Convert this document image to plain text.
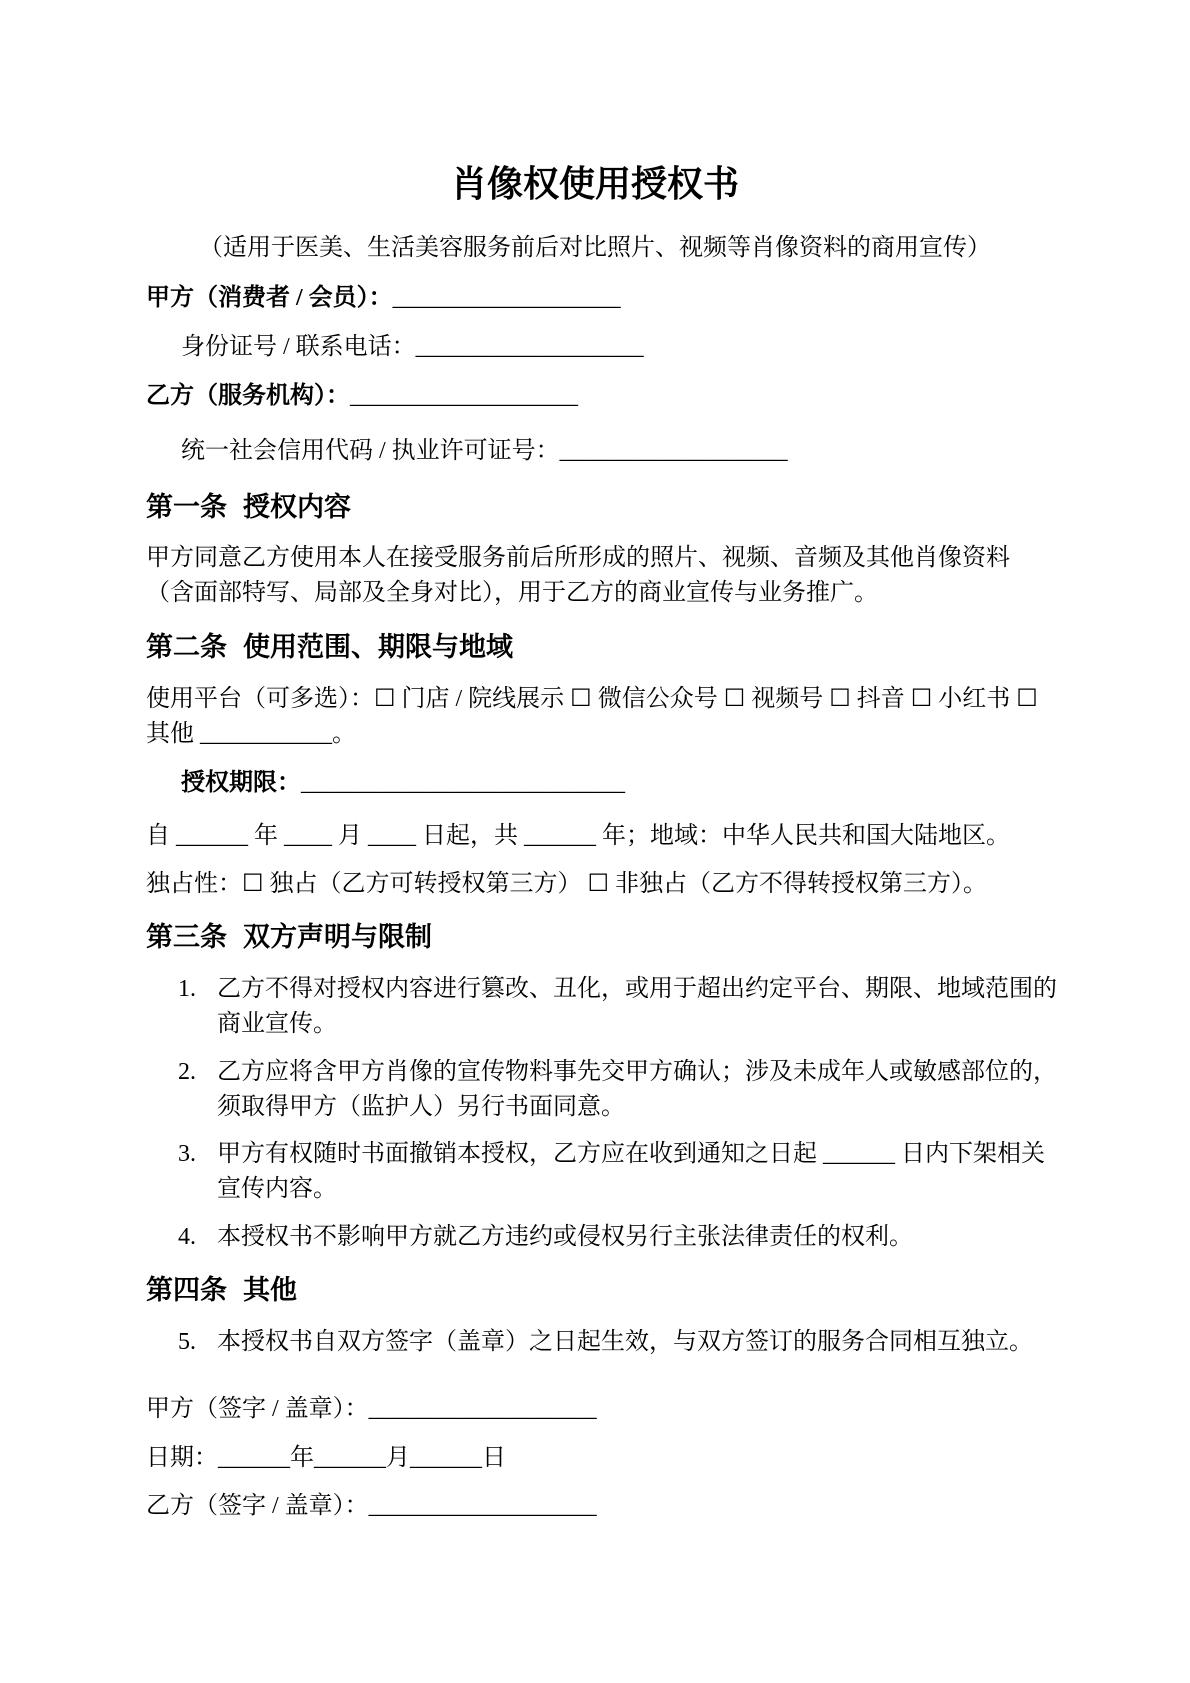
肖像权使用授权书
（适用于医美、生活美容服务前后对比照片、视频等肖像资料的商用宣传）
甲方（消费者 / 会员）：___________________
身份证号 / 联系电话：___________________
乙方（服务机构）：___________________
统一社会信用代码 / 执业许可证号：___________________
第一条 授权内容
甲方同意乙方使用本人在接受服务前后所形成的照片、视频、音频及其他肖像资料（含面部特写、局部及全身对比），用于乙方的商业宣传与业务推广。
第二条 使用范围、期限与地域
使用平台（可多选）：☐ 门店 / 院线展示 ☐ 微信公众号 ☐ 视频号 ☐ 抖音 ☐ 小红书 ☐ 其他 ___________。
授权期限：___________________________
自 ______ 年 ____ 月 ____ 日起，共 ______ 年；地域：中华人民共和国大陆地区。
独占性：☐ 独占（乙方可转授权第三方） ☐ 非独占（乙方不得转授权第三方）。
第三条 双方声明与限制
1. 乙方不得对授权内容进行篡改、丑化，或用于超出约定平台、期限、地域范围的商业宣传。
2. 乙方应将含甲方肖像的宣传物料事先交甲方确认；涉及未成年人或敏感部位的，须取得甲方（监护人）另行书面同意。
3. 甲方有权随时书面撤销本授权，乙方应在收到通知之日起 ______ 日内下架相关宣传内容。
4. 本授权书不影响甲方就乙方违约或侵权另行主张法律责任的权利。
第四条 其他
5. 本授权书自双方签字（盖章）之日起生效，与双方签订的服务合同相互独立。
甲方（签字 / 盖章）：___________________
日期：______年______月______日
乙方（签字 / 盖章）：___________________
